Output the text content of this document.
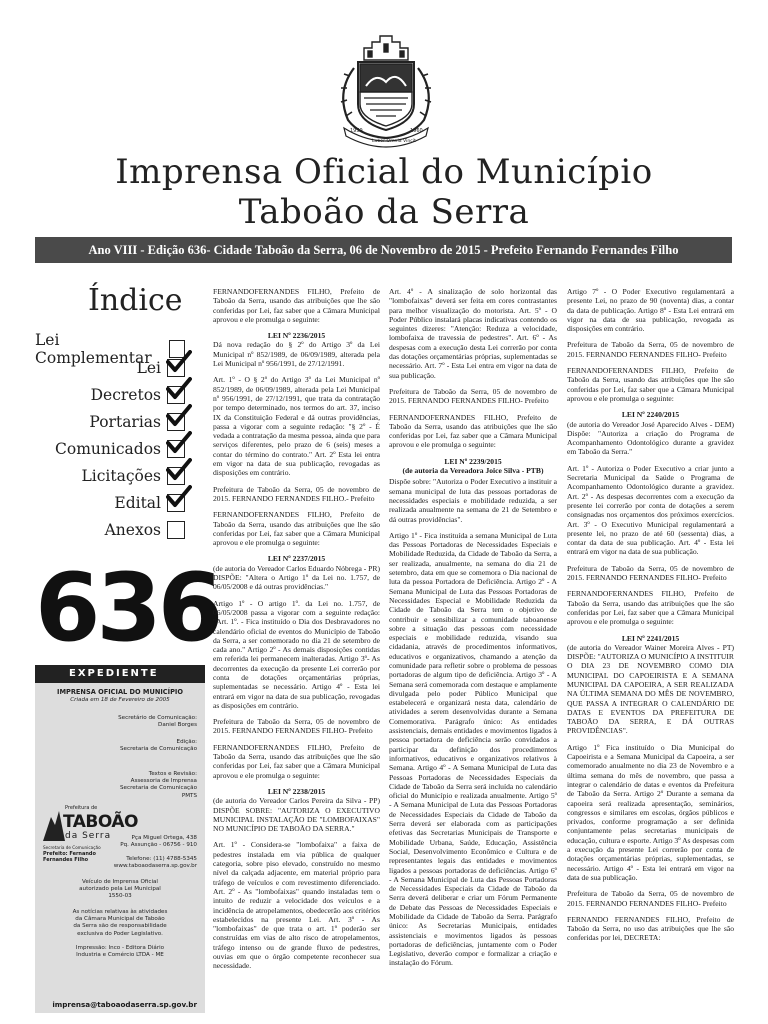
1959
Labor Omnia Vincit
1960
Imprensa Oficial do Município
Taboão da Serra
Ano VIII - Edição 636- Cidade Taboão da Serra, 06 de Novembro de 2015 - Prefeito Fernando Fernandes Filho
Índice
Lei Complementar
Lei
Decretos
Portarias
Comunicados
Licitações
Edital
Anexos
636
EXPEDIENTE
IMPRENSA OFICIAL DO MUNICÍPIO
Criada em 18 de Fevereiro de 2005
Secretário de Comunicação:
Daniel Borges
Edição:
Secretaria de Comunicação
Textos e Revisão:
Assessoria de Imprensa
Secretaria de Comunicação
PMTS
Pça Miguel Ortega, 438
Pq. Assunção - 06756 - 910
Telefone: (11) 4788-5345
www.taboaodaserra.sp.gov.br
Veículo de Imprensa Oficial
autorizado pela Lei Municipal
1550-03
As notícias relativas às atividades
da Câmara Municipal de Taboão
da Serra são de responsabilidade
exclusiva do Poder Legislativo.
Impressão: Inco - Editora Diário
Industria e Comércio LTDA - ME
Prefeitura de
TABOÃO
da Serra
Secretaria de Comunicação
Prefeito: Fernando Fernandes Filho
imprensa@taboaodaserra.sp.gov.br

FERNANDOFERNANDES FILHO, Prefeito de Taboão da Serra, usando das atribuições que lhe são conferidas por Lei, faz saber que a Câmara Municipal aprovou e ele promulga o seguinte:

LEI Nº 2236/2015

Dá nova redação do § 2º do Artigo 3º da Lei Municipal nº 852/1989, de 06/09/1989, alterada pela Lei Municipal nº 956/1991, de 27/12/1991.

Art. 1º - O § 2º do Artigo 3º da Lei Municipal nº 852/1989, de 06/09/1989, alterada pela Lei Municipal nº 956/1991, de 27/12/1991, que trata da contratação por tempo determinado, nos termos do art. 37, inciso IX da Constituição Federal e dá outras providências, passa a vigorar com a seguinte redação: "§ 2º - É vedada a contratação da mesma pessoa, ainda que para serviços diferentes, pelo prazo de 6 (seis) meses a contar do término do contrato." Art. 2º Esta lei entra em vigor na data de sua publicação, revogadas as disposições em contrário.

Prefeitura de Taboão da Serra, 05 de novembro de 2015. FERNANDO FERNANDES FILHO.- Prefeito

FERNANDOFERNANDES FILHO, Prefeito de Taboão da Serra, usando das atribuições que lhe são conferidas por Lei, faz saber que a Câmara Municipal aprovou e ele promulga o seguinte:

LEI Nº 2237/2015

(de autoria do Vereador Carlos Eduardo Nóbrega - PR) DISPÕE: "Altera o Artigo 1º da Lei no. 1.757, de 06/05/2008 e dá outras providências."

Artigo 1º - O artigo 1º. da Lei no. 1.757, de 06/05/2008 passa a vigorar com a seguinte redação: "Art. 1º. - Fica instituído o Dia dos Desbravadores no calendário oficial de eventos do Município de Taboão da Serra, a ser comemorado no dia 21 de setembro de cada ano." Artigo 2º - As demais disposições contidas em referida lei permanecem inalteradas. Artigo 3º- As decorrentes da execução da presente Lei correrão por conta de dotações orçamentárias próprias, suplementadas se necessário. Artigo 4º - Esta lei entrará em vigor na data de sua publicação, revogadas as disposições em contrário.

Prefeitura de Taboão da Serra, 05 de novembro de 2015. FERNANDO FERNANDES FILHO- Prefeito

FERNANDOFERNANDES FILHO, Prefeito de Taboão da Serra, usando das atribuições que lhe são conferidas por Lei, faz saber que a Câmara Municipal aprovou e ele promulga o seguinte:

LEI Nº 2238/2015

(de autoria do Vereador Carlos Pereira da Silva - PP) DISPÕE SOBRE: "AUTORIZA O EXECUTIVO MUNICIPAL INSTALAÇÃO DE "LOMBOFAIXAS" NO MUNICÍPIO DE TABOÃO DA SERRA."

Art. 1º - Considera-se "lombofaixa" a faixa de pedestres instalada em via pública de qualquer categoria, sobre piso elevado, construído no mesmo nível da calçada adjacente, em material próprio para tráfego de veículos e com revestimento diferenciado. Art. 2º - As "lombofaixas" quando instaladas tem o intuito de reduzir a velocidade dos veículos e a incidência de atropelamentos, obedecerão aos critérios estabelecidos na presente Lei. Art. 3º - As "lombofaixas" de que trata o art. 1º poderão ser construídas em vias de alto risco de atropelamentos, tráfego intenso ou de grande fluxo de pedestres, ouvias em que o órgão competente reconhecer sua necessidade.

Art. 4º - A sinalização de solo horizontal das "lombofaixas" deverá ser feita em cores contrastantes para melhor visualização do motorista. Art. 5º - O Poder Público instalará placas indicativas contendo os seguintes dizeres: "Atenção: Reduza a velocidade, lombofaixa de travessia de pedestres". Art. 6º - As despesas com a execução desta Lei correrão por conta das dotações orçamentárias próprias, suplementadas se necessário. Art. 7º - Esta Lei entra em vigor na data de sua publicação.

Prefeitura de Taboão da Serra, 05 de novembro de 2015. FERNANDO FERNANDES FILHO- Prefeito

FERNANDOFERNANDES FILHO, Prefeito de Taboão da Serra, usando das atribuições que lhe são conferidas por Lei, faz saber que a Câmara Municipal aprovou e ele promulga o seguinte:

LEI Nº 2239/2015
(de autoria da Vereadora Joice Silva - PTB)

Dispõe sobre: "Autoriza o Poder Executivo a instituir a semana municipal de luta das pessoas portadoras de necessidades especiais e mobilidade reduzida, a ser realizada anualmente na semana de 21 de Setembro e dá outras providências".

Artigo 1º - Fica instituída a semana Municipal de Luta das Pessoas Portadoras de Necessidades Especiais e Mobilidade Reduzida, da Cidade de Taboão da Serra, a ser realizada, anualmente, na semana do dia 21 de setembro, data em que se comemora o Dia nacional de luta da pessoa Portadora de Deficiência. Artigo 2º - A Semana Municipal de Luta das Pessoas Portadoras de Necessidades Especial e Mobilidade Reduzida da Cidade de Taboão da Serra tem o objetivo de contribuir e sensibilizar a comunidade taboanense sobre a situação das pessoas com necessidade especiais e mobilidade reduzida, visando sua cidadania, através de procedimentos informativos, educativos e organizativos, chamando a atenção da comunidade para refletir sobre o problema de pessoas portadoras de algum tipo de deficiência. Artigo 3º - A Semana será comemorada com destaque e amplamente divulgada pelo poder Público Municipal que estabelecerá e organizará nesta data, calendário de atividades a serem desenvolvidas durante a Semana Comemorativa. Parágrafo único: As entidades assistenciais, demais entidades e movimentos ligados à pessoa portadora de deficiência serão convidados a participar da definição dos procedimentos informativos, educativos e organizativos relativos à Semana. Artigo 4º - A Semana Municipal de Luta das Pessoas Portadoras de Necessidades Especiais da Cidade de Taboão da Serra será incluída no calendário oficial do Município e realizada anualmente. Artigo 5º - A Semana Municipal de Luta das Pessoas Portadoras de Necessidades Especiais da Cidade de Taboão da Serra deverá ser elaborada com as participações efetivas das Secretarias Municipais de Transporte e Mobilidade Urbana, Saúde, Educação, Assistência Social, Desenvolvimento Econômico e Cultura e de representantes legais das entidades e movimentos ligados a pessoas portadoras de deficiências. Artigo 6º - A Semana Municipal de Luta das Pessoas Portadoras de Necessidades Especiais da Cidade de Taboão da Serra deverá deliberar e criar um Fórum Permanente de Debate das Pessoas de Necessidades Especiais e Mobilidade da Cidade de Taboão da Serra. Parágrafo único: As Secretarias Municipais, entidades assistenciais e movimentos ligados às pessoas portadoras de deficiências, juntamente com o Poder Legislativo, deverão compor e formalizar a criação e instalação do Fórum.

Artigo 7º - O Poder Executivo regulamentará a presente Lei, no prazo de 90 (noventa) dias, a contar da data de publicação. Artigo 8º - Esta Lei entrará em vigor na data de sua publicação, revogada as disposições em contrário.

Prefeitura de Taboão da Serra, 05 de novembro de 2015. FERNANDO FERNANDES FILHO- Prefeito

FERNANDOFERNANDES FILHO, Prefeito de Taboão da Serra, usando das atribuições que lhe são conferidas por Lei, faz saber que a Câmara Municipal aprovou e ele promulga o seguinte:

LEI Nº 2240/2015

(de autoria do Vereador José Aparecido Alves - DEM) Dispõe: "Autoriza a criação do Programa de Acompanhamento Odontológico durante a gravidez em Taboão da Serra."

Art. 1º - Autoriza o Poder Executivo a criar junto a Secretaria Municipal da Saúde o Programa de Acompanhamento Odontológico durante a gravidez. Art. 2º - As despesas decorrentes com a execução da presente lei correrão por conta de dotações a serem consignadas nos orçamentos dos próximos exercícios. Art. 3º - O Executivo Municipal regulamentará a presente lei, no prazo de até 60 (sessenta) dias, a contar da data de sua publicação. Art. 4º - Esta lei entrará em vigor na data de sua publicação.

Prefeitura de Taboão da Serra, 05 de novembro de 2015. FERNANDO FERNANDES FILHO- Prefeito

FERNANDOFERNANDES FILHO, Prefeito de Taboão da Serra, usando das atribuições que lhe são conferidas por Lei, faz saber que a Câmara Municipal aprovou e ele promulga o seguinte:

LEI Nº 2241/2015

(de autoria do Vereador Wainer Moreira Alves - PT) DISPÕE: "AUTORIZA O MUNICÍPIO A INSTITUIR O DIA 23 DE NOVEMBRO COMO DIA MUNICIPAL DO CAPOEIRISTA E A SEMANA MUNICIPAL DA CAPOEIRA, A SER REALIZADA NA ÚLTIMA SEMANA DO MÊS DE NOVEMBRO, QUE PASSA A INTEGRAR O CALENDÁRIO DE DATAS E EVENTOS DA PREFEITURA DE TABOÃO DA SERRA, E DÁ OUTRAS PROVIDÊNCIAS".

Artigo 1º Fica instituído o Dia Municipal do Capoeirista e a Semana Municipal da Capoeira, a ser comemorado anualmente no dia 23 de Novembro e a última semana do mês de novembro, que passa a integrar o calendário de datas e eventos da Prefeitura de Taboão da Serra. Artigo 2º Durante a semana da capoeira será realizada apresentação, seminários, congressos e similares em escolas, órgãos públicos e privados, conforme programação a ser definida conjuntamente pelas secretarias municipais de educação, cultura e esporte. Artigo 3º As despesas com a execução da presente Lei correrão por conta de dotações orçamentárias próprias, suplementadas, se necessário. Artigo 4º - Esta lei entrará em vigor na data de sua publicação.

Prefeitura de Taboão da Serra, 05 de novembro de 2015. FERNANDO FERNANDES FILHO- Prefeito

FERNANDO FERNANDES FILHO, Prefeito de Taboão da Serra, no uso das atribuições que lhe são conferidas por lei, DECRETA:
